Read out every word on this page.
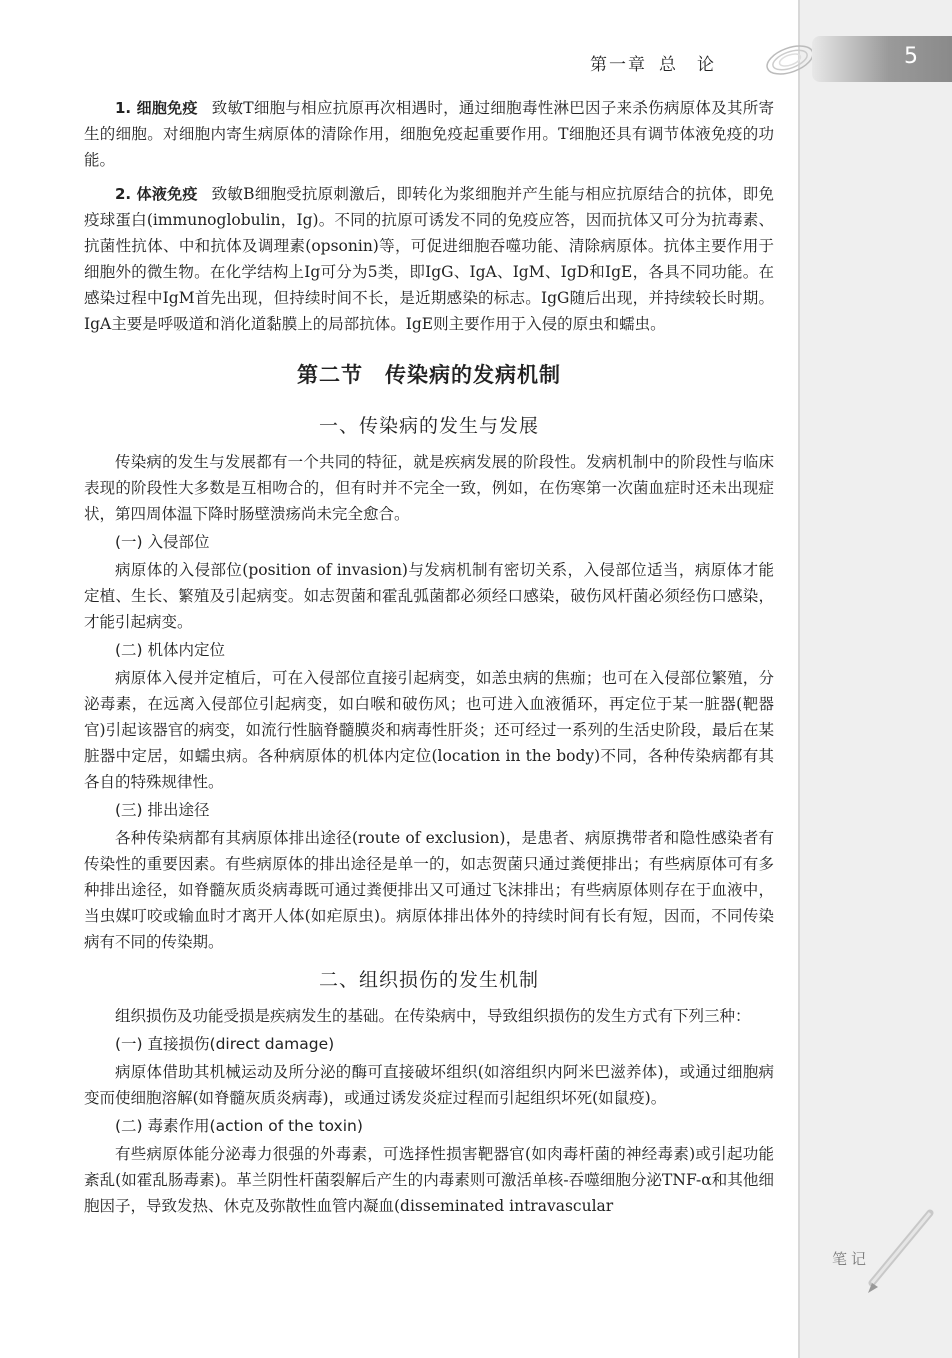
第一章 总　论	5

1. 细胞免疫 致敏T细胞与相应抗原再次相遇时，通过细胞毒性淋巴因子来杀伤病原体及其所寄生的细胞。对细胞内寄生病原体的清除作用，细胞免疫起重要作用。T细胞还具有调节体液免疫的功能。

2. 体液免疫 致敏B细胞受抗原刺激后，即转化为浆细胞并产生能与相应抗原结合的抗体，即免疫球蛋白(immunoglobulin，Ig)。不同的抗原可诱发不同的免疫应答，因而抗体又可分为抗毒素、抗菌性抗体、中和抗体及调理素(opsonin)等，可促进细胞吞噬功能、清除病原体。抗体主要作用于细胞外的微生物。在化学结构上Ig可分为5类，即IgG、IgA、IgM、IgD和IgE，各具不同功能。在感染过程中IgM首先出现，但持续时间不长，是近期感染的标志。IgG随后出现，并持续较长时期。IgA主要是呼吸道和消化道黏膜上的局部抗体。IgE则主要作用于入侵的原虫和蠕虫。

第二节 传染病的发病机制
一、传染病的发生与发展

传染病的发生与发展都有一个共同的特征，就是疾病发展的阶段性。发病机制中的阶段性与临床表现的阶段性大多数是互相吻合的，但有时并不完全一致，例如，在伤寒第一次菌血症时还未出现症状，第四周体温下降时肠壁溃疡尚未完全愈合。

(一) 入侵部位

病原体的入侵部位(position of invasion)与发病机制有密切关系，入侵部位适当，病原体才能定植、生长、繁殖及引起病变。如志贺菌和霍乱弧菌都必须经口感染，破伤风杆菌必须经伤口感染，才能引起病变。

(二) 机体内定位

病原体入侵并定植后，可在入侵部位直接引起病变，如恙虫病的焦痂；也可在入侵部位繁殖，分泌毒素，在远离入侵部位引起病变，如白喉和破伤风；也可进入血液循环，再定位于某一脏器(靶器官)引起该器官的病变，如流行性脑脊髓膜炎和病毒性肝炎；还可经过一系列的生活史阶段，最后在某脏器中定居，如蠕虫病。各种病原体的机体内定位(location in the body)不同，各种传染病都有其各自的特殊规律性。

(三) 排出途径

各种传染病都有其病原体排出途径(route of exclusion)，是患者、病原携带者和隐性感染者有传染性的重要因素。有些病原体的排出途径是单一的，如志贺菌只通过粪便排出；有些病原体可有多种排出途径，如脊髓灰质炎病毒既可通过粪便排出又可通过飞沫排出；有些病原体则存在于血液中，当虫媒叮咬或输血时才离开人体(如疟原虫)。病原体排出体外的持续时间有长有短，因而，不同传染病有不同的传染期。

二、组织损伤的发生机制

组织损伤及功能受损是疾病发生的基础。在传染病中，导致组织损伤的发生方式有下列三种：

(一) 直接损伤(direct damage)

病原体借助其机械运动及所分泌的酶可直接破坏组织(如溶组织内阿米巴滋养体)，或通过细胞病变而使细胞溶解(如脊髓灰质炎病毒)，或通过诱发炎症过程而引起组织坏死(如鼠疫)。

(二) 毒素作用(action of the toxin)

有些病原体能分泌毒力很强的外毒素，可选择性损害靶器官(如肉毒杆菌的神经毒素)或引起功能紊乱(如霍乱肠毒素)。革兰阴性杆菌裂解后产生的内毒素则可激活单核-吞噬细胞分泌TNF-α和其他细胞因子，导致发热、休克及弥散性血管内凝血(disseminated intravascular

笔记
